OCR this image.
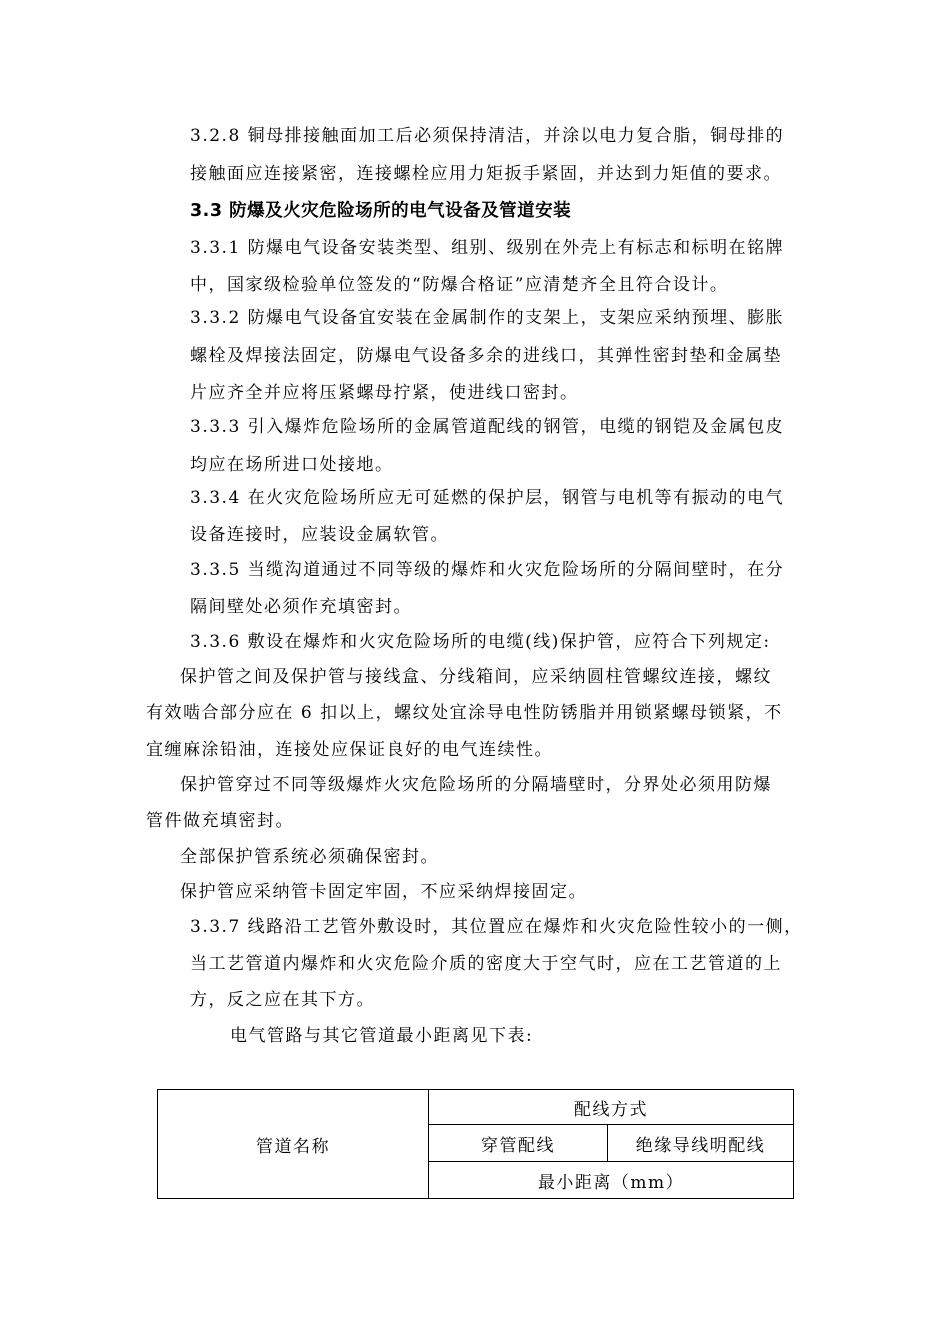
3.2.8 铜母排接触面加工后必须保持清洁，并涂以电力复合脂，铜母排的
接触面应连接紧密，连接螺栓应用力矩扳手紧固，并达到力矩值的要求。
3.3 防爆及火灾危险场所的电气设备及管道安装
3.3.1 防爆电气设备安装类型、组别、级别在外壳上有标志和标明在铭牌
中，国家级检验单位签发的“防爆合格证”应清楚齐全且符合设计。
3.3.2 防爆电气设备宜安装在金属制作的支架上，支架应采纳预埋、膨胀
螺栓及焊接法固定，防爆电气设备多余的进线口，其弹性密封垫和金属垫
片应齐全并应将压紧螺母拧紧，使进线口密封。
3.3.3 引入爆炸危险场所的金属管道配线的钢管，电缆的钢铠及金属包皮
均应在场所进口处接地。
3.3.4 在火灾危险场所应无可延燃的保护层，钢管与电机等有振动的电气
设备连接时，应装设金属软管。
3.3.5 当缆沟道通过不同等级的爆炸和火灾危险场所的分隔间壁时，在分
隔间壁处必须作充填密封。
3.3.6 敷设在爆炸和火灾危险场所的电缆(线)保护管，应符合下列规定:
保护管之间及保护管与接线盒、分线箱间，应采纳圆柱管螺纹连接，螺纹
有效啮合部分应在 6 扣以上，螺纹处宜涂导电性防锈脂并用锁紧螺母锁紧，不
宜缠麻涂铅油，连接处应保证良好的电气连续性。
保护管穿过不同等级爆炸火灾危险场所的分隔墙壁时，分界处必须用防爆
管件做充填密封。
全部保护管系统必须确保密封。
保护管应采纳管卡固定牢固，不应采纳焊接固定。
3.3.7 线路沿工艺管外敷设时，其位置应在爆炸和火灾危险性较小的一侧，
当工艺管道内爆炸和火灾危险介质的密度大于空气时，应在工艺管道的上
方，反之应在其下方。
电气管路与其它管道最小距离见下表:
管道名称	配线方式	
	穿管配线	绝缘导线明配线
	最小距离（mm）	
